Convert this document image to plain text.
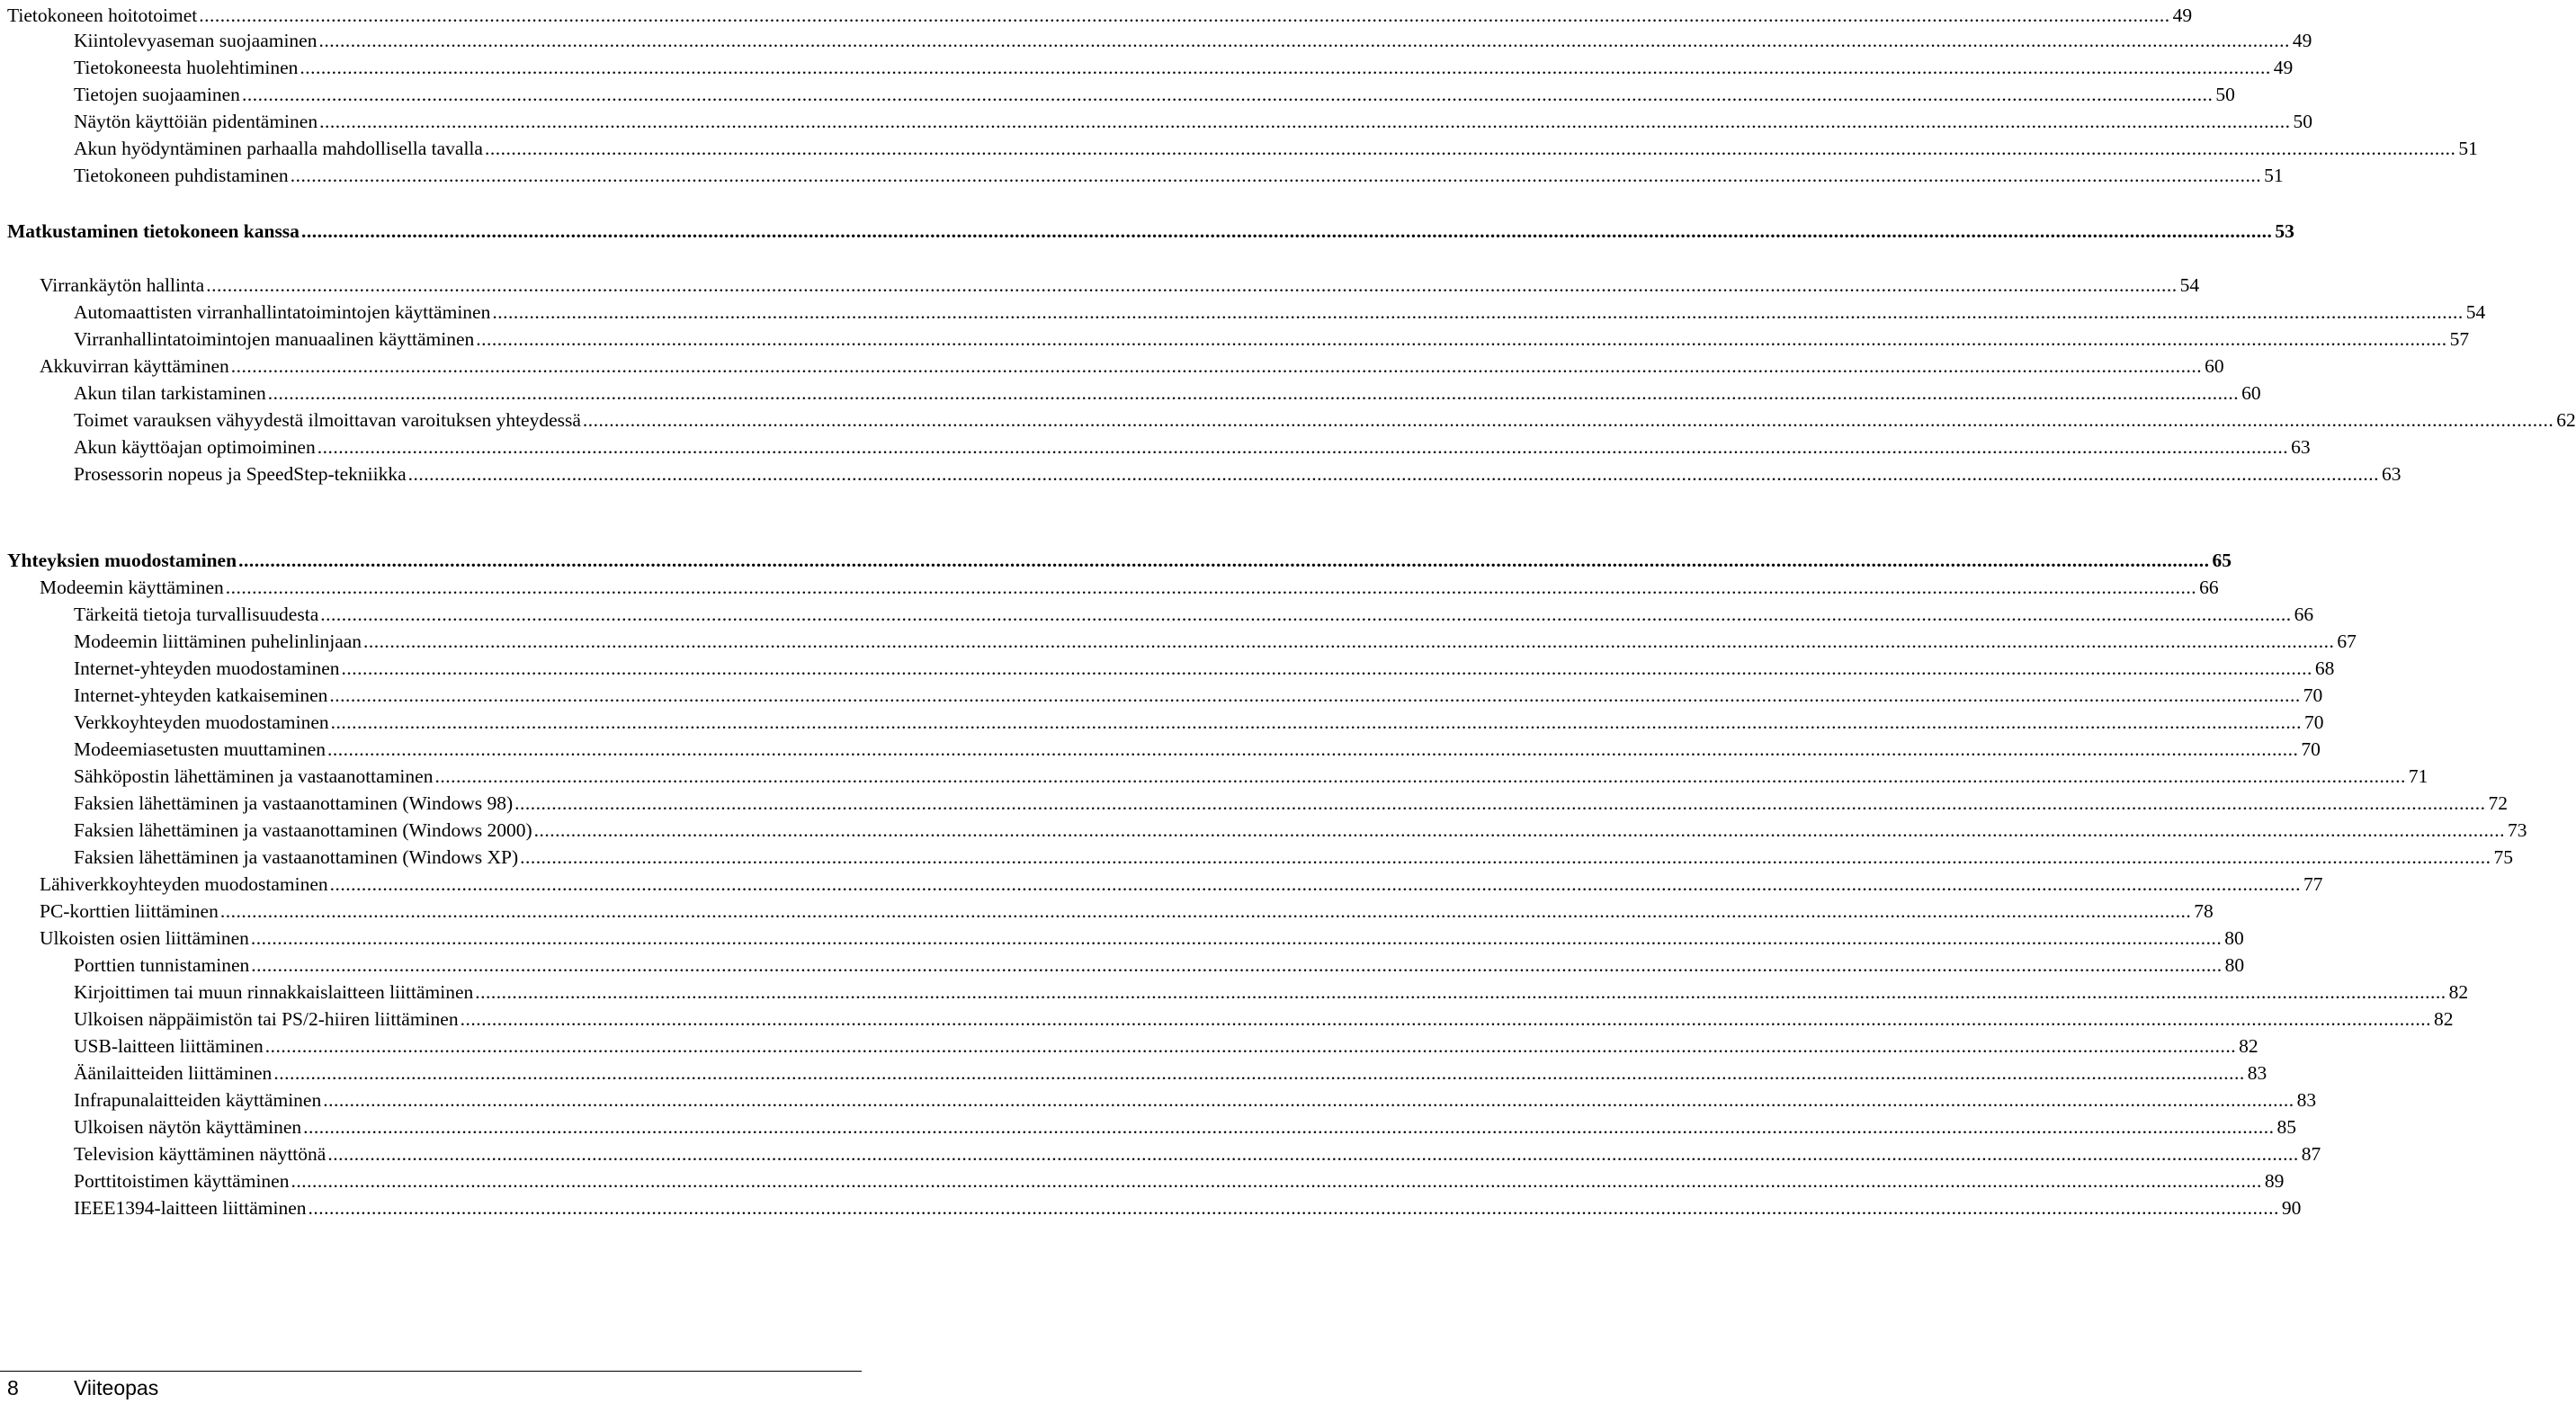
Tietokoneen hoitotoimet .....	49
Kiintolevyaseman suojaaminen .....	49
Tietokoneesta huolehtiminen .....	49
Tietojen suojaaminen .....	50
Näytön käyttöiän pidentäminen .....	50
Akun hyödyntäminen parhaalla mahdollisella tavalla .....	51
Tietokoneen puhdistaminen .....	51
Matkustaminen tietokoneen kanssa .....	53
Virrankäytön hallinta .....	54
Automaattisten virranhallintatoimintojen käyttäminen .....	54
Virranhallintatoimintojen manuaalinen käyttäminen .....	57
Akkuvirran käyttäminen .....	60
Akun tilan tarkistaminen .....	60
Toimet varauksen vähyydestä ilmoittavan varoituksen yhteydessä .....	62
Akun käyttöajan optimoiminen .....	63
Prosessorin nopeus ja SpeedStep-tekniikka .....	63
Yhteyksien muodostaminen .....	65
Modeemin käyttäminen .....	66
Tärkeitä tietoja turvallisuudesta .....	66
Modeemin liittäminen puhelinlinjaan .....	67
Internet-yhteyden muodostaminen .....	68
Internet-yhteyden katkaiseminen .....	70
Verkkoyhteyden muodostaminen .....	70
Modeemiasetusten muuttaminen .....	70
Sähköpostin lähettäminen ja vastaanottaminen .....	71
Faksien lähettäminen ja vastaanottaminen (Windows 98) .....	72
Faksien lähettäminen ja vastaanottaminen (Windows 2000) .....	73
Faksien lähettäminen ja vastaanottaminen (Windows XP) .....	75
Lähiverkkoyhteyden muodostaminen .....	77
PC-korttien liittäminen .....	78
Ulkoisten osien liittäminen .....	80
Porttien tunnistaminen .....	80
Kirjoittimen tai muun rinnakkaislaitteen liittäminen .....	82
Ulkoisen näppäimistön tai PS/2-hiiren liittäminen .....	82
USB-laitteen liittäminen .....	82
Äänilaitteiden liittäminen .....	83
Infrapunalaitteiden käyttäminen .....	83
Ulkoisen näytön käyttäminen .....	85
Television käyttäminen näyttönä .....	87
Porttitoistimen käyttäminen .....	89
IEEE1394-laitteen liittäminen .....	90
8	Viiteopas
